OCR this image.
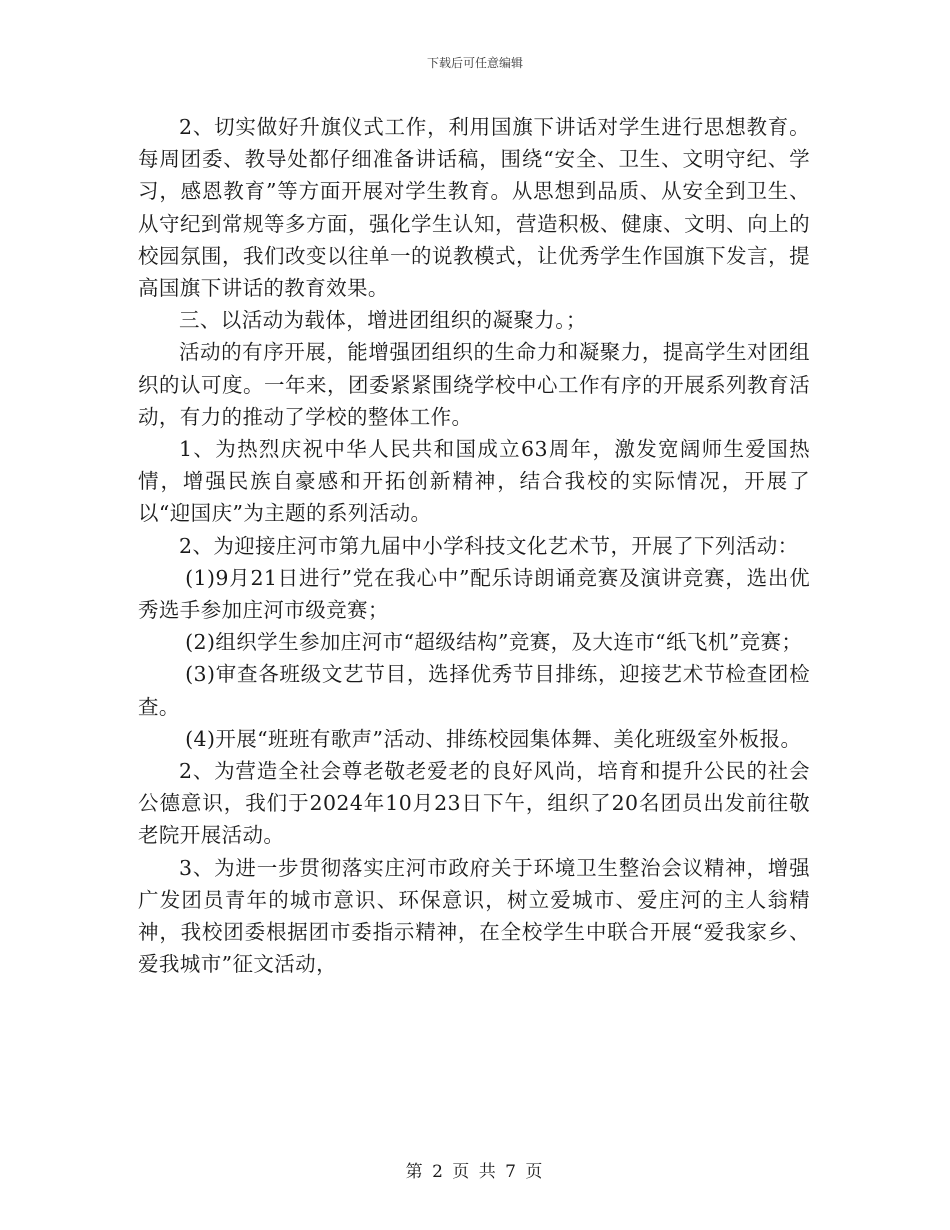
下载后可任意编辑

2、切实做好升旗仪式工作，利用国旗下讲话对学生进行思想教育。每周团委、教导处都仔细准备讲话稿，围绕“安全、卫生、文明守纪、学习，感恩教育”等方面开展对学生教育。从思想到品质、从安全到卫生、从守纪到常规等多方面，强化学生认知，营造积极、健康、文明、向上的校园氛围，我们改变以往单一的说教模式，让优秀学生作国旗下发言，提高国旗下讲话的教育效果。

三、以活动为载体，增进团组织的凝聚力。；

活动的有序开展，能增强团组织的生命力和凝聚力，提高学生对团组织的认可度。一年来，团委紧紧围绕学校中心工作有序的开展系列教育活动，有力的推动了学校的整体工作。

1、为热烈庆祝中华人民共和国成立63周年，激发宽阔师生爱国热情，增强民族自豪感和开拓创新精神，结合我校的实际情况，开展了以“迎国庆”为主题的系列活动。

2、为迎接庄河市第九届中小学科技文化艺术节，开展了下列活动：

(1)9月21日进行”党在我心中”配乐诗朗诵竞赛及演讲竞赛，选出优秀选手参加庄河市级竞赛；

(2)组织学生参加庄河市“超级结构”竞赛，及大连市“纸飞机”竞赛；

(3)审查各班级文艺节目，选择优秀节目排练，迎接艺术节检查团检查。

(4)开展“班班有歌声”活动、排练校园集体舞、美化班级室外板报。

2、为营造全社会尊老敬老爱老的良好风尚，培育和提升公民的社会公德意识，我们于2024年10月23日下午，组织了20名团员出发前往敬老院开展活动。

3、为进一步贯彻落实庄河市政府关于环境卫生整治会议精神，增强广发团员青年的城市意识、环保意识，树立爱城市、爱庄河的主人翁精神，我校团委根据团市委指示精神，在全校学生中联合开展“爱我家乡、爱我城市”征文活动，

第 2 页 共 7 页
